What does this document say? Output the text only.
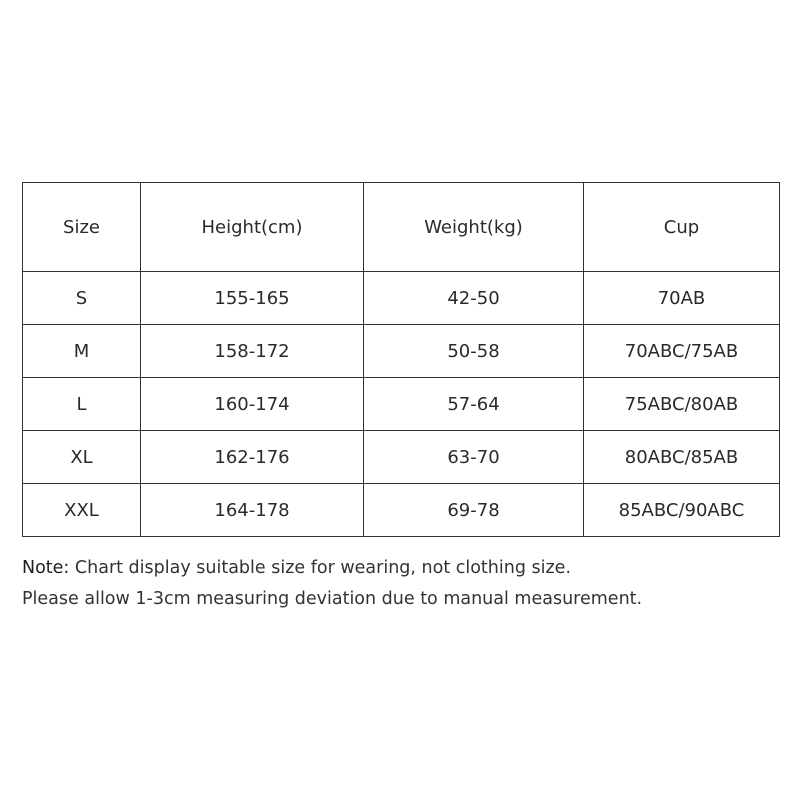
Size	Height(cm)	Weight(kg)	Cup
S	155-165	42-50	70AB
M	158-172	50-58	70ABC/75AB
L	160-174	57-64	75ABC/80AB
XL	162-176	63-70	80ABC/85AB
XXL	164-178	69-78	85ABC/90ABC
Note: Chart display suitable size for wearing, not clothing size.
Please allow 1-3cm measuring deviation due to manual measurement.
